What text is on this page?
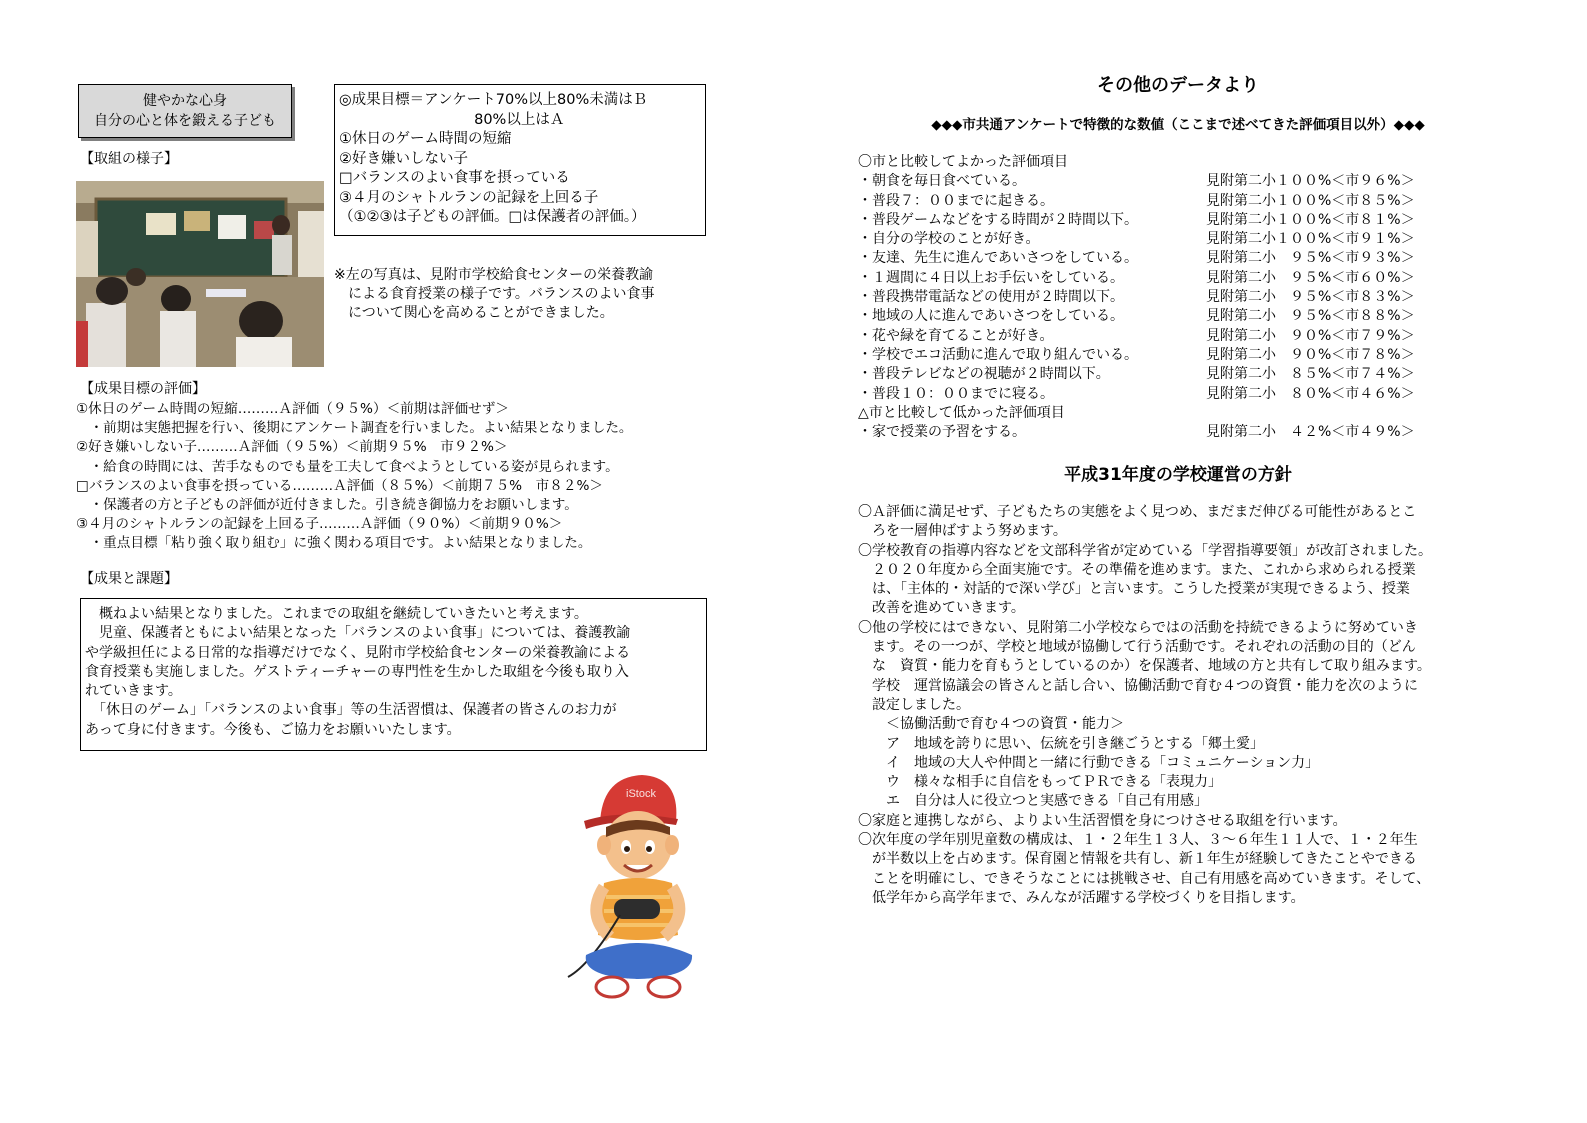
健やかな心身
自分の心と体を鍛える子ども
◎成果目標＝アンケート70%以上80%未満はＢ
　　　　　　　　　 80%以上はＡ
①休日のゲーム時間の短縮
②好き嫌いしない子
□バランスのよい食事を摂っている
③４月のシャトルランの記録を上回る子
（①②③は子どもの評価。□は保護者の評価。）
【取組の様子】
※左の写真は、見附市学校給食センターの栄養教諭
　による食育授業の様子です。バランスのよい食事
　について関心を高めることができました。
【成果目標の評価】
①休日のゲーム時間の短縮………Ａ評価（９５%）＜前期は評価せず＞
　・前期は実態把握を行い、後期にアンケート調査を行いました。よい結果となりました。
②好き嫌いしない子………Ａ評価（９５%）＜前期９５%　市９２%＞
　・給食の時間には、苦手なものでも量を工夫して食べようとしている姿が見られます。
□バランスのよい食事を摂っている………Ａ評価（８５%）＜前期７５%　市８２%＞
　・保護者の方と子どもの評価が近付きました。引き続き御協力をお願いします。
③４月のシャトルランの記録を上回る子………Ａ評価（９０%）＜前期９０%＞
　・重点目標「粘り強く取り組む」に強く関わる項目です。よい結果となりました。
【成果と課題】
　概ねよい結果となりました。これまでの取組を継続していきたいと考えます。
　児童、保護者ともによい結果となった「バランスのよい食事」については、養護教諭
や学級担任による日常的な指導だけでなく、見附市学校給食センターの栄養教諭による
食育授業も実施しました。ゲストティーチャーの専門性を生かした取組を今後も取り入
れていきます。
　「休日のゲーム」「バランスのよい食事」等の生活習慣は、保護者の皆さんのお力が
あって身に付きます。今後も、ご協力をお願いいたします。
iStock
その他のデータより
◆◆◆市共通アンケートで特徴的な数値（ここまで述べてきた評価項目以外）◆◆◆
〇市と比較してよかった評価項目
・朝食を毎日食べている。	見附第二小１００%＜市９６%＞
・普段７：００までに起きる。	見附第二小１００%＜市８５%＞
・普段ゲームなどをする時間が２時間以下。	見附第二小１００%＜市８１%＞
・自分の学校のことが好き。	見附第二小１００%＜市９１%＞
・友達、先生に進んであいさつをしている。	見附第二小　９５%＜市９３%＞
・１週間に４日以上お手伝いをしている。	見附第二小　９５%＜市６０%＞
・普段携帯電話などの使用が２時間以下。	見附第二小　９５%＜市８３%＞
・地域の人に進んであいさつをしている。	見附第二小　９５%＜市８８%＞
・花や緑を育てることが好き。	見附第二小　９０%＜市７９%＞
・学校でエコ活動に進んで取り組んでいる。	見附第二小　９０%＜市７８%＞
・普段テレビなどの視聴が２時間以下。	見附第二小　８５%＜市７４%＞
・普段１０：００までに寝る。	見附第二小　８０%＜市４６%＞
△市と比較して低かった評価項目
・家で授業の予習をする。	見附第二小　４２%＜市４９%＞
平成31年度の学校運営の方針
〇Ａ評価に満足せず、子どもたちの実態をよく見つめ、まだまだ伸びる可能性があるとこ
　ろを一層伸ばすよう努めます。
〇学校教育の指導内容などを文部科学省が定めている「学習指導要領」が改訂されました。
　２０２０年度から全面実施です。その準備を進めます。また、これから求められる授業
　は、「主体的・対話的で深い学び」と言います。こうした授業が実現できるよう、授業
　改善を進めていきます。
〇他の学校にはできない、見附第二小学校ならではの活動を持続できるように努めていき
　ます。その一つが、学校と地域が協働して行う活動です。それぞれの活動の目的（どん
　な　資質・能力を育もうとしているのか）を保護者、地域の方と共有して取り組みます。
　学校　運営協議会の皆さんと話し合い、協働活動で育む４つの資質・能力を次のように
　設定しました。
　　＜協働活動で育む４つの資質・能力＞
　　ア　地域を誇りに思い、伝統を引き継ごうとする「郷土愛」
　　イ　地域の大人や仲間と一緒に行動できる「コミュニケーション力」
　　ウ　様々な相手に自信をもってＰＲできる「表現力」
　　エ　自分は人に役立つと実感できる「自己有用感」
〇家庭と連携しながら、よりよい生活習慣を身につけさせる取組を行います。
〇次年度の学年別児童数の構成は、１・２年生１３人、３～６年生１１人で、１・２年生
　が半数以上を占めます。保育園と情報を共有し、新１年生が経験してきたことやできる
　ことを明確にし、できそうなことには挑戦させ、自己有用感を高めていきます。そして、
　低学年から高学年まで、みんなが活躍する学校づくりを目指します。
